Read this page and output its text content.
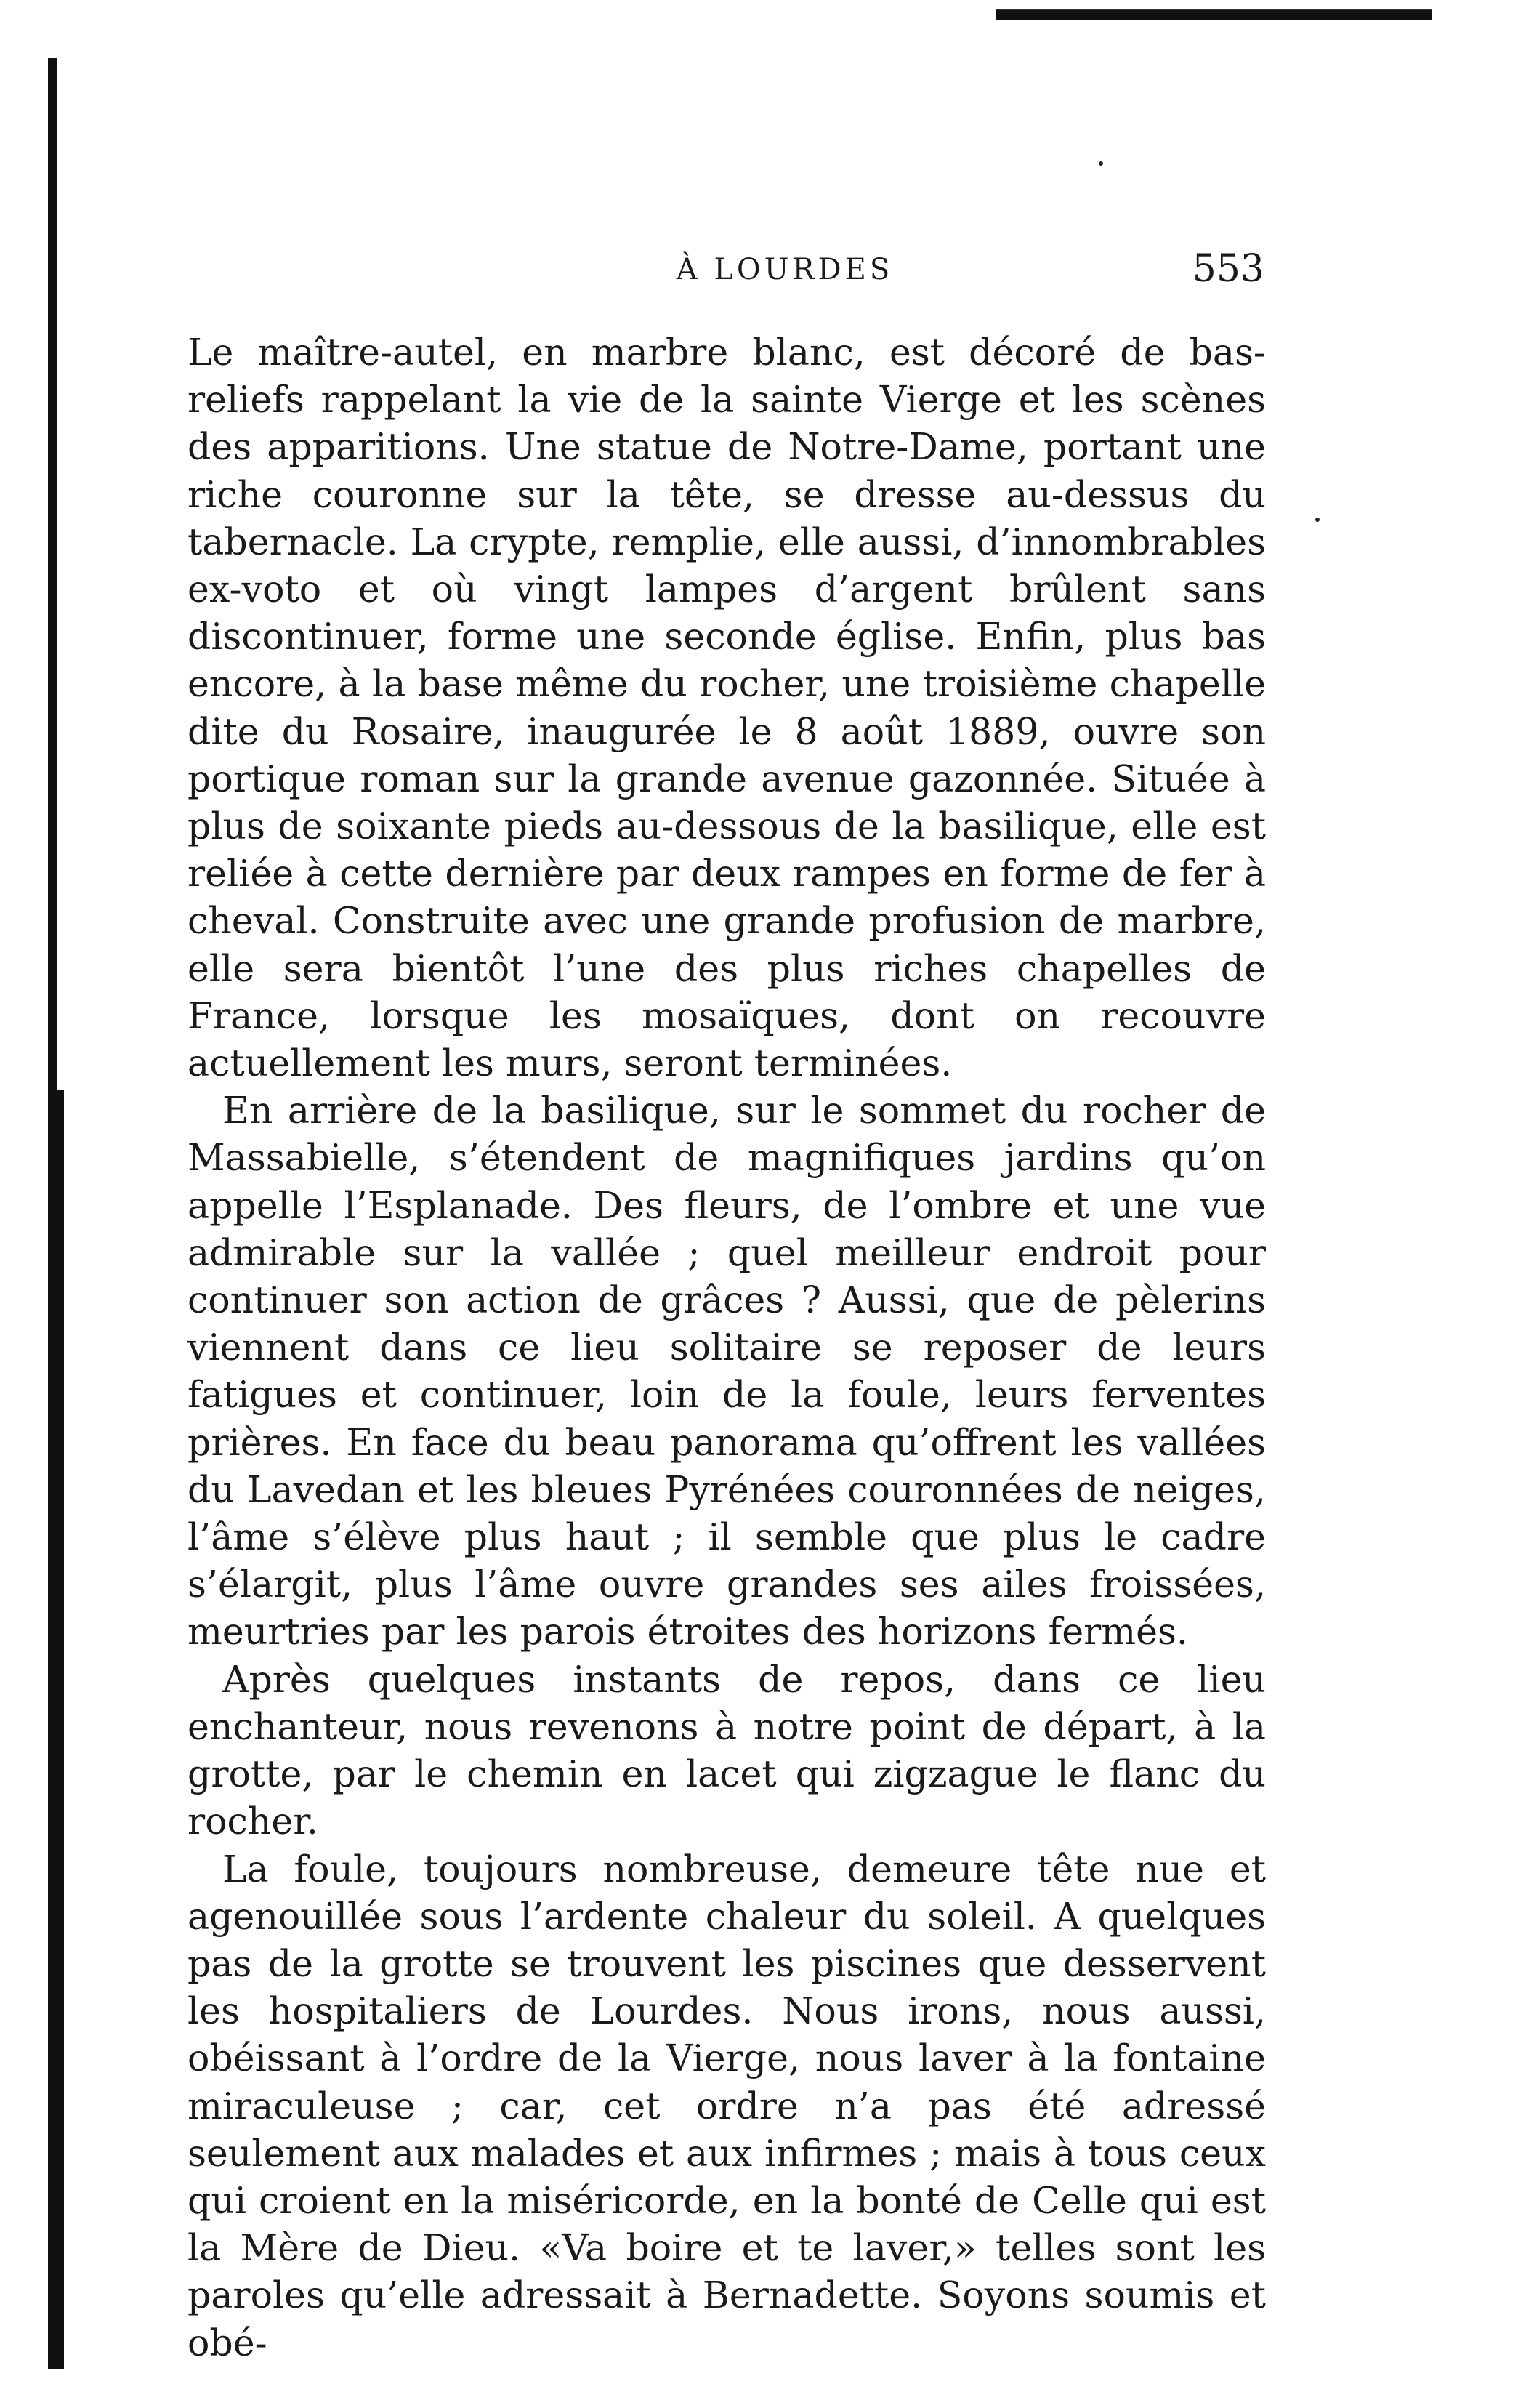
À LOURDES	553

Le maître-autel, en marbre blanc, est décoré de bas-reliefs rappelant la vie de la sainte Vierge et les scènes des apparitions. Une statue de Notre-Dame, portant une riche couronne sur la tête, se dresse au-dessus du tabernacle. La crypte, remplie, elle aussi, d’innombrables ex-voto et où vingt lampes d’argent brûlent sans discontinuer, forme une seconde église. Enfin, plus bas encore, à la base même du rocher, une troisième chapelle dite du Rosaire, inaugurée le 8 août 1889, ouvre son portique roman sur la grande avenue gazonnée. Située à plus de soixante pieds au-dessous de la basilique, elle est reliée à cette dernière par deux rampes en forme de fer à cheval. Construite avec une grande profusion de marbre, elle sera bientôt l’une des plus riches chapelles de France, lorsque les mosaïques, dont on recouvre actuellement les murs, seront terminées.

En arrière de la basilique, sur le sommet du rocher de Massabielle, s’étendent de magnifiques jardins qu’on appelle l’Esplanade. Des fleurs, de l’ombre et une vue admirable sur la vallée ; quel meilleur endroit pour continuer son action de grâces ? Aussi, que de pèlerins viennent dans ce lieu solitaire se reposer de leurs fatigues et continuer, loin de la foule, leurs ferventes prières. En face du beau panorama qu’offrent les vallées du Lavedan et les bleues Pyrénées couronnées de neiges, l’âme s’élève plus haut ; il semble que plus le cadre s’élargit, plus l’âme ouvre grandes ses ailes froissées, meurtries par les parois étroites des horizons fermés.

Après quelques instants de repos, dans ce lieu enchanteur, nous revenons à notre point de départ, à la grotte, par le chemin en lacet qui zigzague le flanc du rocher.

La foule, toujours nombreuse, demeure tête nue et agenouillée sous l’ardente chaleur du soleil. A quelques pas de la grotte se trouvent les piscines que desservent les hospitaliers de Lourdes. Nous irons, nous aussi, obéissant à l’ordre de la Vierge, nous laver à la fontaine miraculeuse ; car, cet ordre n’a pas été adressé seulement aux malades et aux infirmes ; mais à tous ceux qui croient en la miséricorde, en la bonté de Celle qui est la Mère de Dieu. «Va boire et te laver,» telles sont les paroles qu’elle adressait à Bernadette. Soyons soumis et obé-
